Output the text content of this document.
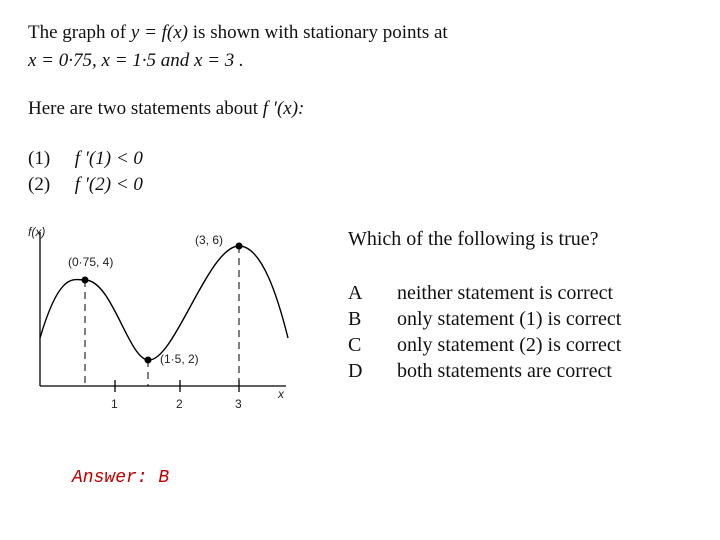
The graph of y = f(x) is shown with stationary points at
x = 0·75, x = 1·5 and x = 3 .
Here are two statements about f ′(x):
(1) f ′(1) < 0
(2) f ′(2) < 0
f(x)
x
1	2	3
(0·75, 4)
(1·5, 2)
(3, 6)	Which of the following is true?
A neither statement is correct
B only statement (1) is correct
C only statement (2) is correct
D both statements are correct
Answer: B
